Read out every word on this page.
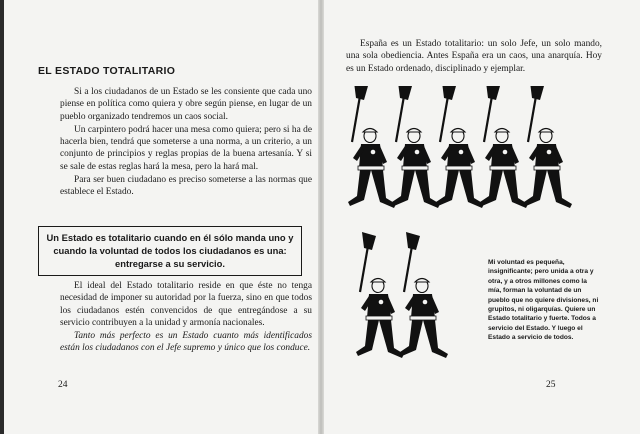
EL ESTADO TOTALITARIO

Si a los ciudadanos de un Estado se les consiente que cada uno piense en política como quiera y obre según piense, en lugar de un pueblo organizado tendremos un caos social.

Un carpintero podrá hacer una mesa como quiera; pero si ha de hacerla bien, tendrá que someterse a una norma, a un criterio, a un conjunto de principios y reglas propias de la buena artesanía. Y si se sale de estas reglas hará la mesa, pero la hará mal.

Para ser buen ciudadano es preciso someterse a las normas que establece el Estado.

Un Estado es totalitario cuando en él sólo manda uno y cuando la voluntad de todos los ciudadanos es una: entregarse a su servicio.

El ideal del Estado totalitario reside en que éste no tenga necesidad de imponer su autoridad por la fuerza, sino en que todos los ciudadanos estén convencidos de que entregándose a su servicio contribuyen a la unidad y armonía nacionales.

Tanto más perfecto es un Estado cuanto más identificados están los ciudadanos con el Jefe supremo y único que los conduce.

24
España es un Estado totalitario: un solo Jefe, un solo mando, una sola obediencia. Antes España era un caos, una anarquía. Hoy es un Estado ordenado, disciplinado y ejemplar.
Mi voluntad es pequeña, insignificante; pero unida a otra y otra, y a otros millones como la mía, forman la voluntad de un pueblo que no quiere divisiones, ni grupitos, ni oligarquías. Quiere un Estado totalitario y fuerte. Todos a servicio del Estado. Y luego el Estado a servicio de todos.
25
